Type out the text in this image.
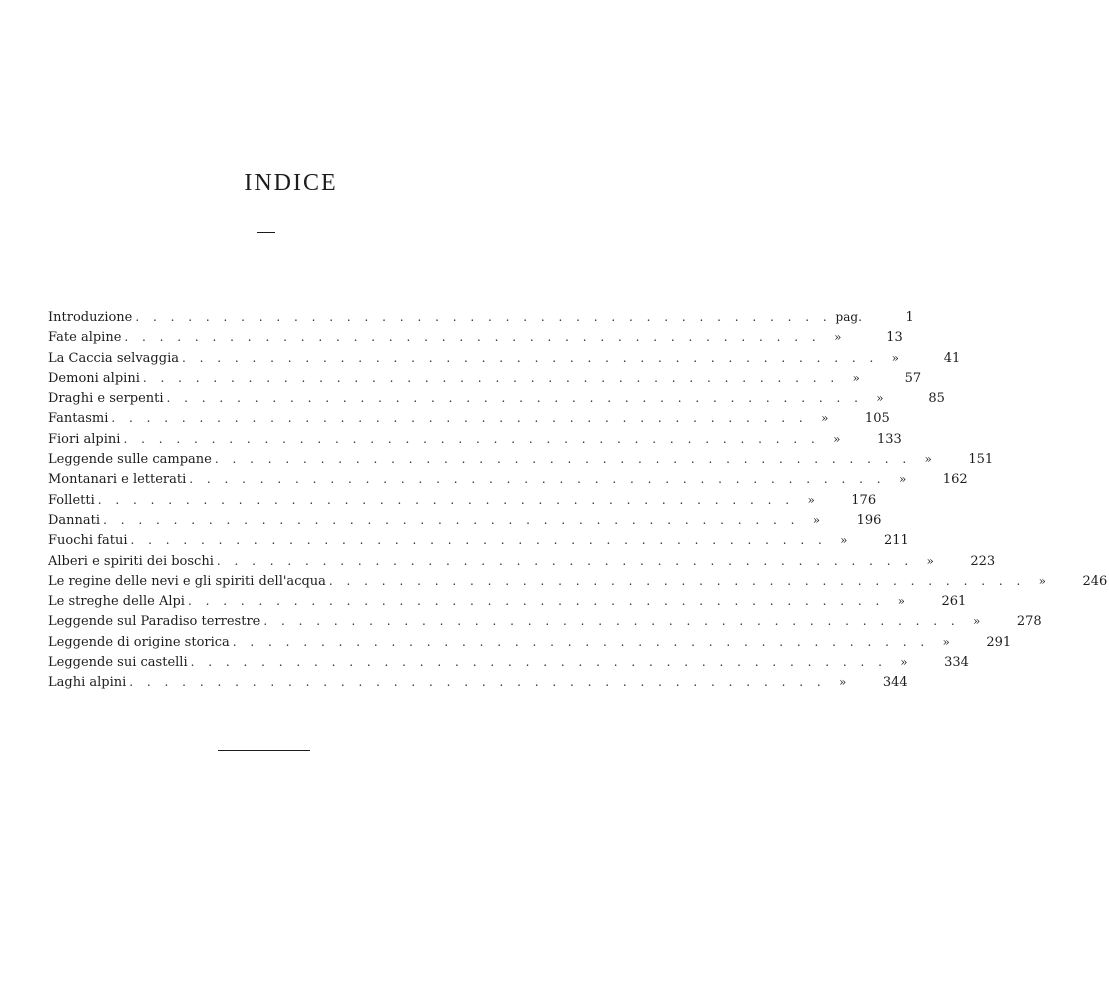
INDICE
Introduzione . . . . . . . . . . . . . . . . . . . . . . . . . . . . . . . . . . . . . . . . pag.	1
Fate alpine . . . . . . . . . . . . . . . . . . . . . . . . . . . . . . . . . . . . . . . .	»	13
La Caccia selvaggia . . . . . . . . . . . . . . . . . . . . . . . . . . . . . . . . . . . . . . . .	»	41
Demoni alpini . . . . . . . . . . . . . . . . . . . . . . . . . . . . . . . . . . . . . . . .	»	57
Draghi e serpenti . . . . . . . . . . . . . . . . . . . . . . . . . . . . . . . . . . . . . . . .	»	85
Fantasmi . . . . . . . . . . . . . . . . . . . . . . . . . . . . . . . . . . . . . . . .	»	105
Fiori alpini . . . . . . . . . . . . . . . . . . . . . . . . . . . . . . . . . . . . . . . .	»	133
Leggende sulle campane . . . . . . . . . . . . . . . . . . . . . . . . . . . . . . . . . . . . . . . .	»	151
Montanari e letterati . . . . . . . . . . . . . . . . . . . . . . . . . . . . . . . . . . . . . . . .	»	162
Folletti . . . . . . . . . . . . . . . . . . . . . . . . . . . . . . . . . . . . . . . .	»	176
Dannati . . . . . . . . . . . . . . . . . . . . . . . . . . . . . . . . . . . . . . . .	»	196
Fuochi fatui . . . . . . . . . . . . . . . . . . . . . . . . . . . . . . . . . . . . . . . .	»	211
Alberi e spiriti dei boschi . . . . . . . . . . . . . . . . . . . . . . . . . . . . . . . . . . . . . . . .	»	223
Le regine delle nevi e gli spiriti dell'acqua . . . . . . . . . . . . . . . . . . . . . . . . . . . . . . . . . . . . . . . .	»	246
Le streghe delle Alpi . . . . . . . . . . . . . . . . . . . . . . . . . . . . . . . . . . . . . . . .	»	261
Leggende sul Paradiso terrestre . . . . . . . . . . . . . . . . . . . . . . . . . . . . . . . . . . . . . . . .	»	278
Leggende di origine storica . . . . . . . . . . . . . . . . . . . . . . . . . . . . . . . . . . . . . . . .	»	291
Leggende sui castelli . . . . . . . . . . . . . . . . . . . . . . . . . . . . . . . . . . . . . . . .	»	334
Laghi alpini . . . . . . . . . . . . . . . . . . . . . . . . . . . . . . . . . . . . . . . .	»	344
